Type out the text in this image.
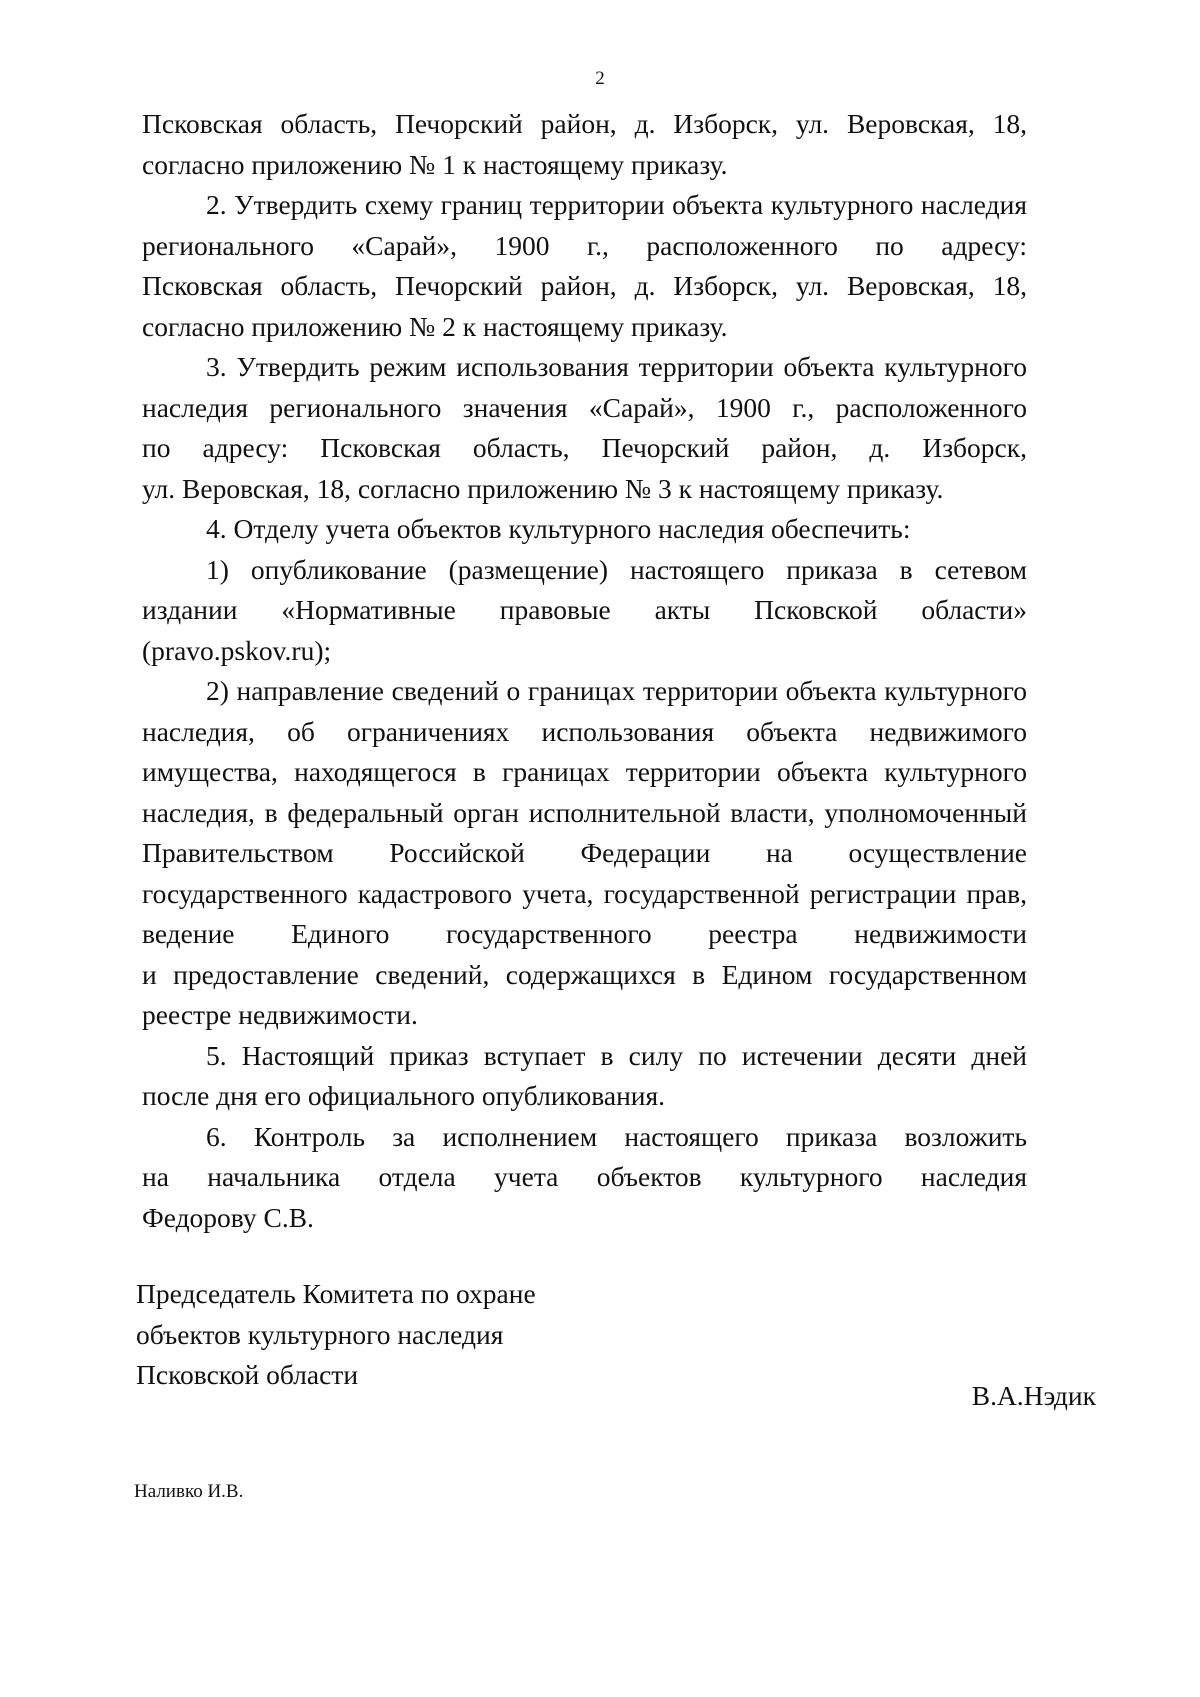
2
Псковская область, Печорский район, д. Изборск, ул. Веровская, 18,
согласно приложению № 1 к настоящему приказу.
2. Утвердить схему границ территории объекта культурного наследия
регионального «Сарай», 1900 г., расположенного по адресу:
Псковская область, Печорский район, д. Изборск, ул. Веровская, 18,
согласно приложению № 2 к настоящему приказу.
3. Утвердить режим использования территории объекта культурного
наследия регионального значения «Сарай», 1900 г., расположенного
по адресу: Псковская область, Печорский район, д. Изборск,
ул. Веровская, 18, согласно приложению № 3 к настоящему приказу.
4. Отделу учета объектов культурного наследия обеспечить:
1) опубликование (размещение) настоящего приказа в сетевом
издании «Нормативные правовые акты Псковской области»
(pravo.pskov.ru);
2) направление сведений о границах территории объекта культурного
наследия, об ограничениях использования объекта недвижимого
имущества, находящегося в границах территории объекта культурного
наследия, в федеральный орган исполнительной власти, уполномоченный
Правительством Российской Федерации на осуществление
государственного кадастрового учета, государственной регистрации прав,
ведение Единого государственного реестра недвижимости
и предоставление сведений, содержащихся в Едином государственном
реестре недвижимости.
5. Настоящий приказ вступает в силу по истечении десяти дней
после дня его официального опубликования.
6. Контроль за исполнением настоящего приказа возложить
на начальника отдела учета объектов культурного наследия
Федорову С.В.
Председатель Комитета по охране
объектов культурного наследия
Псковской области
В.А.Нэдик
Наливко И.В.
